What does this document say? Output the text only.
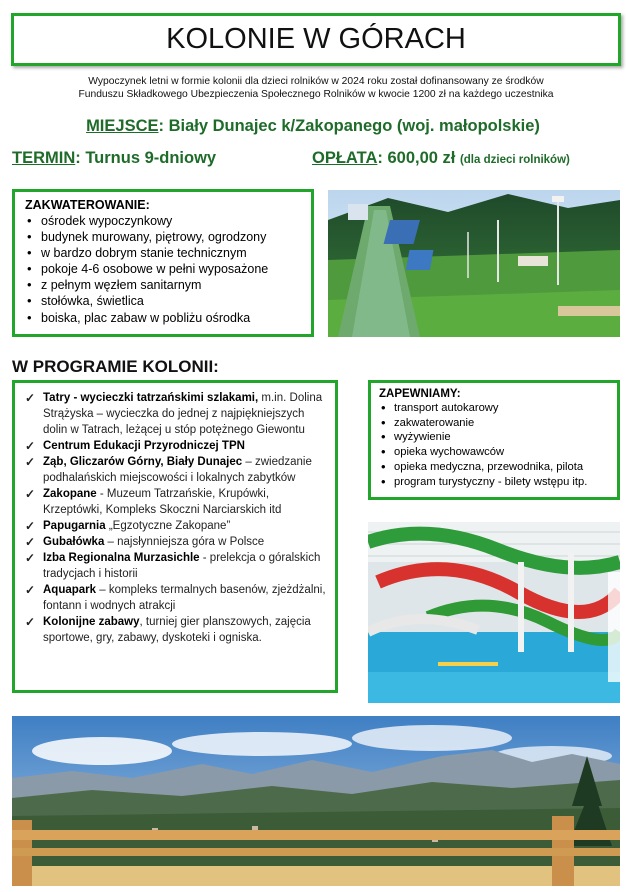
KOLONIE W GÓRACH
Wypoczynek letni w formie kolonii dla dzieci rolników w 2024 roku został dofinansowany ze środków
Funduszu Składkowego Ubezpieczenia Społecznego Rolników w kwocie 1200 zł na każdego uczestnika
MIEJSCE: Biały Dunajec k/Zakopanego (woj. małopolskie)
TERMIN: Turnus 9-dniowy	OPŁATA: 600,00 zł (dla dzieci rolników)
ZAKWATEROWANIE:
• ośrodek wypoczynkowy
• budynek murowany, piętrowy, ogrodzony
• w bardzo dobrym stanie technicznym
• pokoje 4-6 osobowe w pełni wyposażone
• z pełnym węzłem sanitarnym
• stołówka, świetlica
• boiska, plac zabaw w pobliżu ośrodka
W PROGRAMIE KOLONII:
✓ Tatry - wycieczki tatrzańskimi szlakami, m.in. Dolina Strążyska – wycieczka do jednej z najpiękniejszych dolin w Tatrach, leżącej u stóp potężnego Giewontu
✓ Centrum Edukacji Przyrodniczej TPN
✓ Ząb, Gliczarów Górny, Biały Dunajec – zwiedzanie podhalańskich miejscowości i lokalnych zabytków
✓ Zakopane - Muzeum Tatrzańskie, Krupówki, Krzeptówki, Kompleks Skoczni Narciarskich itd
✓ Papugarnia „Egzotyczne Zakopane”
✓ Gubałówka – najsłynniejsza góra w Polsce
✓ Izba Regionalna Murzasichle - prelekcja o góralskich tradycjach i historii
✓ Aquapark – kompleks termalnych basenów, zjeżdżalni, fontann i wodnych atrakcji
✓ Kolonijne zabawy, turniej gier planszowych, zajęcia sportowe, gry, zabawy, dyskoteki i ogniska.
ZAPEWNIAMY:
• transport autokarowy
• zakwaterowanie
• wyżywienie
• opieka wychowawców
• opieka medyczna, przewodnika, pilota
• program turystyczny - bilety wstępu itp.
